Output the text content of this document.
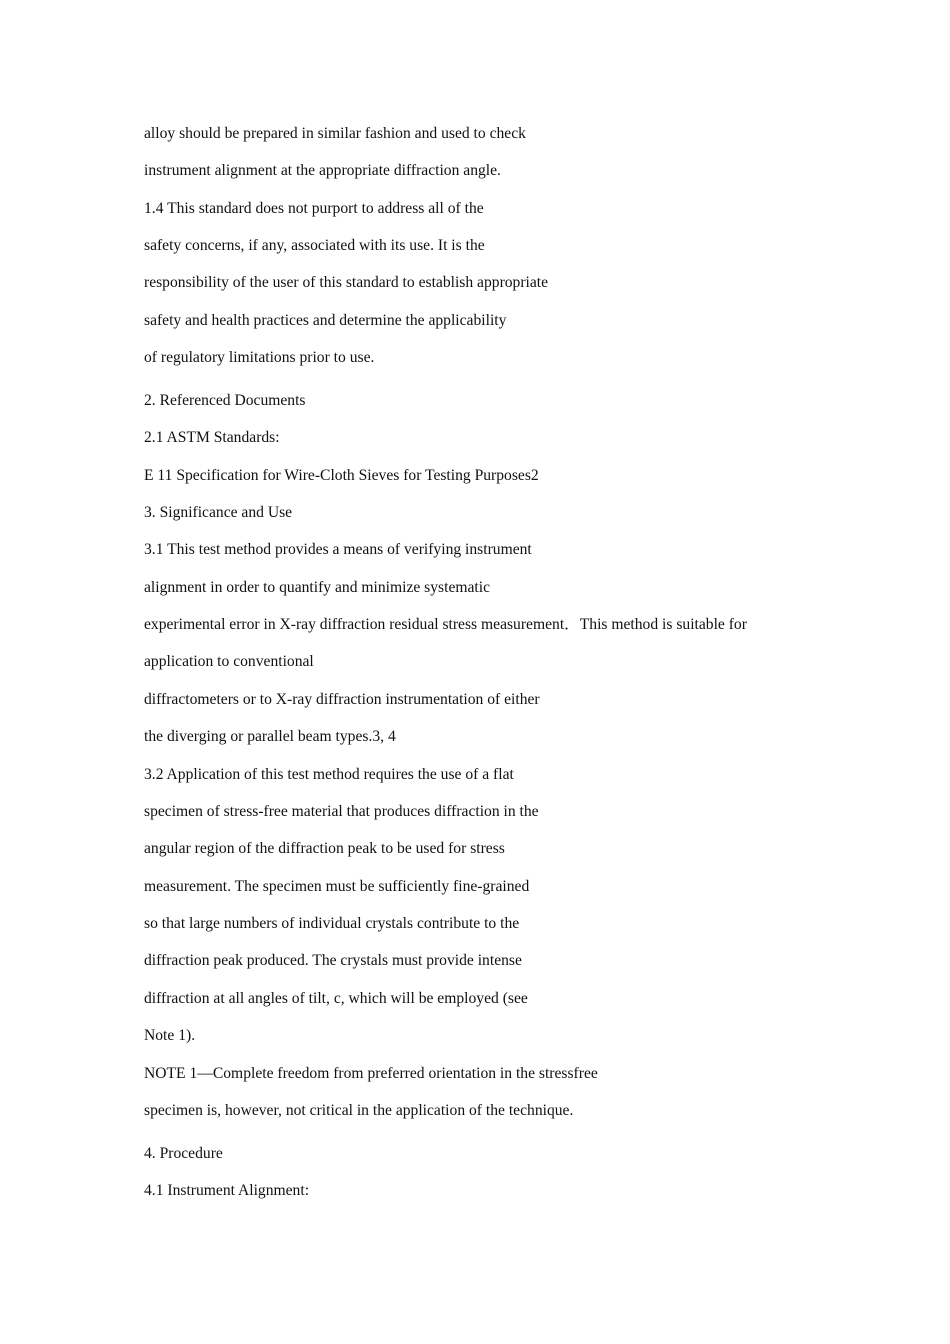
alloy should be prepared in similar fashion and used to check
instrument alignment at the appropriate diffraction angle.
1.4 This standard does not purport to address all of the
safety concerns, if any, associated with its use. It is the
responsibility of the user of this standard to establish appropriate
safety and health practices and determine the applicability
of regulatory limitations prior to use.
2. Referenced Documents
2.1 ASTM Standards:
E 11 Specification for Wire-Cloth Sieves for Testing Purposes2
3. Significance and Use
3.1 This test method provides a means of verifying instrument
alignment in order to quantify and minimize systematic
experimental error in X-ray diffraction residual stress measurement．This method is suitable for
application to conventional
diffractometers or to X-ray diffraction instrumentation of either
the diverging or parallel beam types.3, 4
3.2 Application of this test method requires the use of a flat
specimen of stress-free material that produces diffraction in the
angular region of the diffraction peak to be used for stress
measurement. The specimen must be sufficiently fine-grained
so that large numbers of individual crystals contribute to the
diffraction peak produced. The crystals must provide intense
diffraction at all angles of tilt, c, which will be employed (see
Note 1).
NOTE 1—Complete freedom from preferred orientation in the stressfree
specimen is, however, not critical in the application of the technique.
4. Procedure
4.1 Instrument Alignment:
